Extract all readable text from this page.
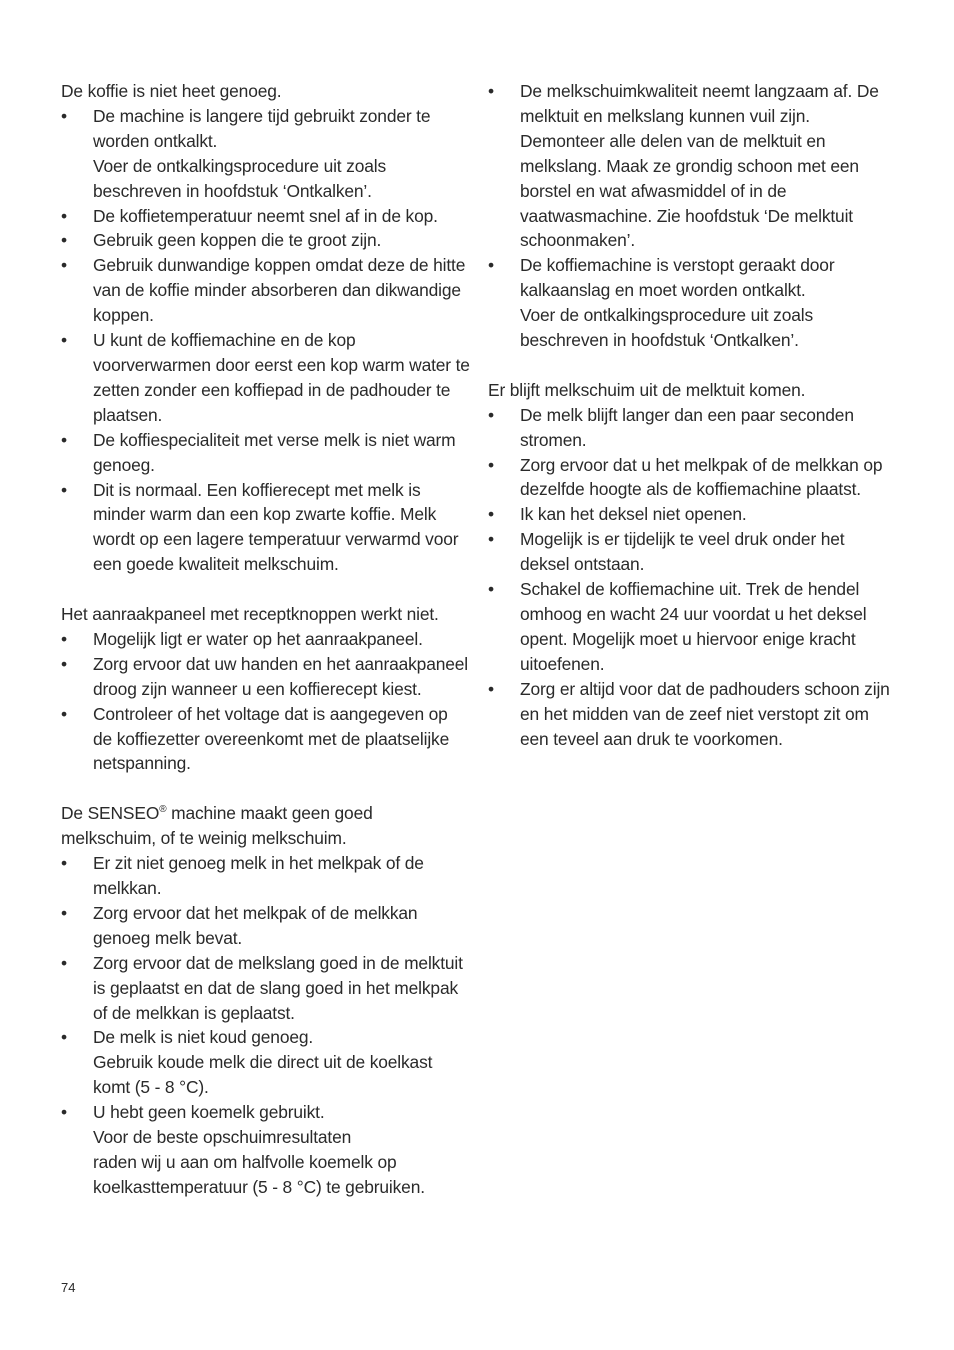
De koffie is niet heet genoeg.

• De machine is langere tijd gebruikt zonder te worden ontkalkt.
Voer de ontkalkingsprocedure uit zoals beschreven in hoofdstuk ‘Ontkalken’.
• De koffietemperatuur neemt snel af in de kop.
• Gebruik geen koppen die te groot zijn.
• Gebruik dunwandige koppen omdat deze de hitte van de koffie minder absorberen dan dikwandige koppen.
• U kunt de koffiemachine en de kop voorverwarmen door eerst een kop warm water te zetten zonder een koffiepad in de padhouder te plaatsen.
• De koffiespecialiteit met verse melk is niet warm genoeg.
• Dit is normaal. Een koffierecept met melk is minder warm dan een kop zwarte koffie. Melk wordt op een lagere temperatuur verwarmd voor een goede kwaliteit melkschuim.

Het aanraakpaneel met receptknoppen werkt niet.

• Mogelijk ligt er water op het aanraakpaneel.
• Zorg ervoor dat uw handen en het aanraakpaneel droog zijn wanneer u een koffierecept kiest.
• Controleer of het voltage dat is aangegeven op de koffiezetter overeenkomt met de plaatselijke netspanning.

De SENSEO® machine maakt geen goed melkschuim, of te weinig melkschuim.

• Er zit niet genoeg melk in het melkpak of de melkkan.
• Zorg ervoor dat het melkpak of de melkkan genoeg melk bevat.
• Zorg ervoor dat de melkslang goed in de melktuit is geplaatst en dat de slang goed in het melkpak of de melkkan is geplaatst.
• De melk is niet koud genoeg.
Gebruik koude melk die direct uit de koelkast komt (5 - 8 °C).
• U hebt geen koemelk gebruikt.
Voor de beste opschuimresultaten
raden wij u aan om halfvolle koemelk op koelkasttemperatuur (5 - 8 °C) te gebruiken.
• De melkschuimkwaliteit neemt langzaam af. De melktuit en melkslang kunnen vuil zijn. Demonteer alle delen van de melktuit en melkslang. Maak ze grondig schoon met een borstel en wat afwasmiddel of in de vaatwasmachine. Zie hoofdstuk ‘De melktuit schoonmaken’.
• De koffiemachine is verstopt geraakt door kalkaanslag en moet worden ontkalkt.
Voer de ontkalkingsprocedure uit zoals beschreven in hoofdstuk ‘Ontkalken’.

Er blijft melkschuim uit de melktuit komen.

• De melk blijft langer dan een paar seconden stromen.
• Zorg ervoor dat u het melkpak of de melkkan op dezelfde hoogte als de koffiemachine plaatst.
• Ik kan het deksel niet openen.
• Mogelijk is er tijdelijk te veel druk onder het deksel ontstaan.
• Schakel de koffiemachine uit. Trek de hendel omhoog en wacht 24 uur voordat u het deksel opent. Mogelijk moet u hiervoor enige kracht uitoefenen.
• Zorg er altijd voor dat de padhouders schoon zijn en het midden van de zeef niet verstopt zit om een teveel aan druk te voorkomen.
74
